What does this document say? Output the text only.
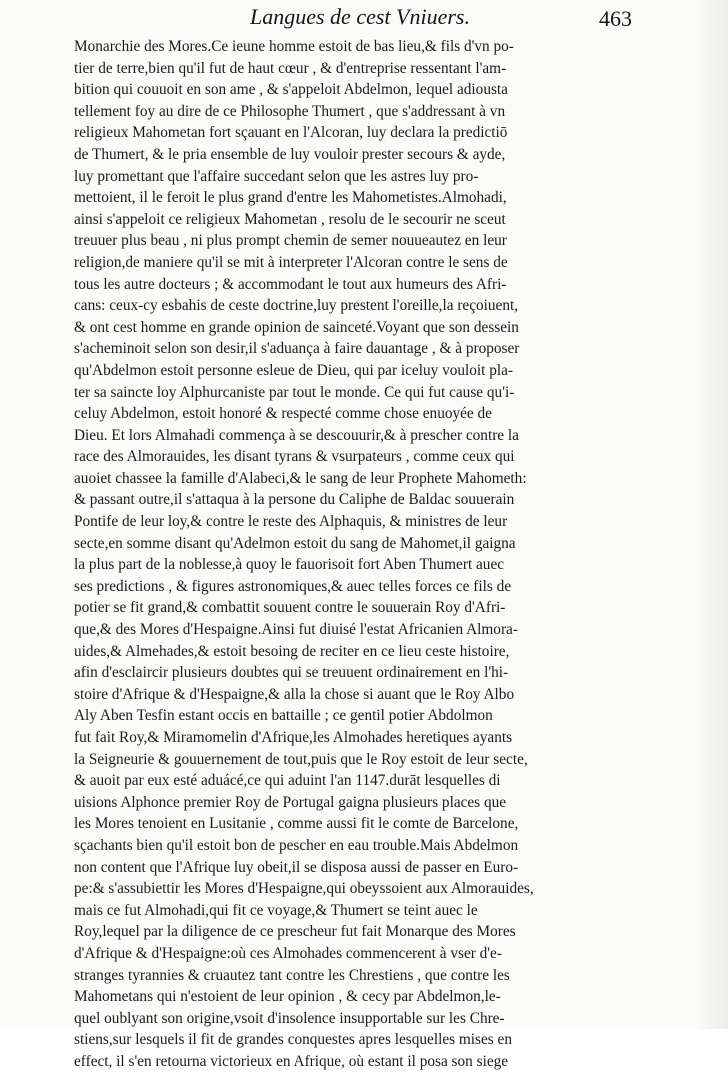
Langues de cest Vniuers.	463
Monarchie des Mores.Ce ieune homme estoit de bas lieu,& fils d'vn po-
tier de terre,bien qu'il fut de haut cœur , & d'entreprise ressentant l'am-
bition qui couuoit en son ame , & s'appeloit Abdelmon, lequel adiousta
tellement foy au dire de ce Philosophe Thumert , que s'addressant à vn
religieux Mahometan fort sçauant en l'Alcoran, luy declara la predictiō
de Thumert, & le pria ensemble de luy vouloir prester secours & ayde,
luy promettant que l'affaire succedant selon que les astres luy pro-
mettoient, il le feroit le plus grand d'entre les Mahometistes.Almohadi,
ainsi s'appeloit ce religieux Mahometan , resolu de le secourir ne sceut
treuuer plus beau , ni plus prompt chemin de semer nouueautez en leur
religion,de maniere qu'il se mit à interpreter l'Alcoran contre le sens de
tous les autre docteurs ; & accommodant le tout aux humeurs des Afri-
cans: ceux-cy esbahis de ceste doctrine,luy prestent l'oreille,la reçoiuent,
& ont cest homme en grande opinion de sainceté.Voyant que son dessein
s'acheminoit selon son desir,il s'aduança à faire dauantage , & à proposer
qu'Abdelmon estoit personne esleue de Dieu, qui par iceluy vouloit pla-
ter sa saincte loy Alphurcaniste par tout le monde. Ce qui fut cause qu'i-
celuy Abdelmon, estoit honoré & respecté comme chose enuoyée de
Dieu. Et lors Almahadi commença à se descouurir,& à prescher contre la
race des Almorauides, les disant tyrans & vsurpateurs , comme ceux qui
auoiet chassee la famille d'Alabeci,& le sang de leur Prophete Mahometh:
& passant outre,il s'attaqua à la persone du Caliphe de Baldac souuerain
Pontife de leur loy,& contre le reste des Alphaquis, & ministres de leur
secte,en somme disant qu'Adelmon estoit du sang de Mahomet,il gaigna
la plus part de la noblesse,à quoy le fauorisoit fort Aben Thumert auec
ses predictions , & figures astronomiques,& auec telles forces ce fils de
potier se fit grand,& combattit souuent contre le souuerain Roy d'Afri-
que,& des Mores d'Hespaigne.Ainsi fut diuisé l'estat Africanien Almora-
uides,& Almehades,& estoit besoing de reciter en ce lieu ceste histoire,
afin d'esclaircir plusieurs doubtes qui se treuuent ordinairement en l'hi-
stoire d'Afrique & d'Hespaigne,& alla la chose si auant que le Roy Albo
Aly Aben Tesfin estant occis en battaille ; ce gentil potier Abdolmon
fut fait Roy,& Miramomelin d'Afrique,les Almohades heretiques ayants
la Seigneurie & gouuernement de tout,puis que le Roy estoit de leur secte,
& auoit par eux esté aduácé,ce qui aduint l'an 1147.durāt lesquelles di
uisions Alphonce premier Roy de Portugal gaigna plusieurs places que
les Mores tenoient en Lusitanie , comme aussi fit le comte de Barcelone,
sçachants bien qu'il estoit bon de pescher en eau trouble.Mais Abdelmon
non content que l'Afrique luy obeit,il se disposa aussi de passer en Euro-
pe:& s'assubiettir les Mores d'Hespaigne,qui obeyssoient aux Almorauides,
mais ce fut Almohadi,qui fit ce voyage,& Thumert se teint auec le
Roy,lequel par la diligence de ce prescheur fut fait Monarque des Mores
d'Afrique & d'Hespaigne:où ces Almohades commencerent à vser d'e-
stranges tyrannies & cruautez tant contre les Chrestiens , que contre les
Mahometans qui n'estoient de leur opinion , & cecy par Abdelmon,le-
quel oublyant son origine,vsoit d'insolence insupportable sur les Chre-
stiens,sur lesquels il fit de grandes conquestes apres lesquelles mises en
effect, il s'en retourna victorieux en Afrique, où estant il posa son siege
